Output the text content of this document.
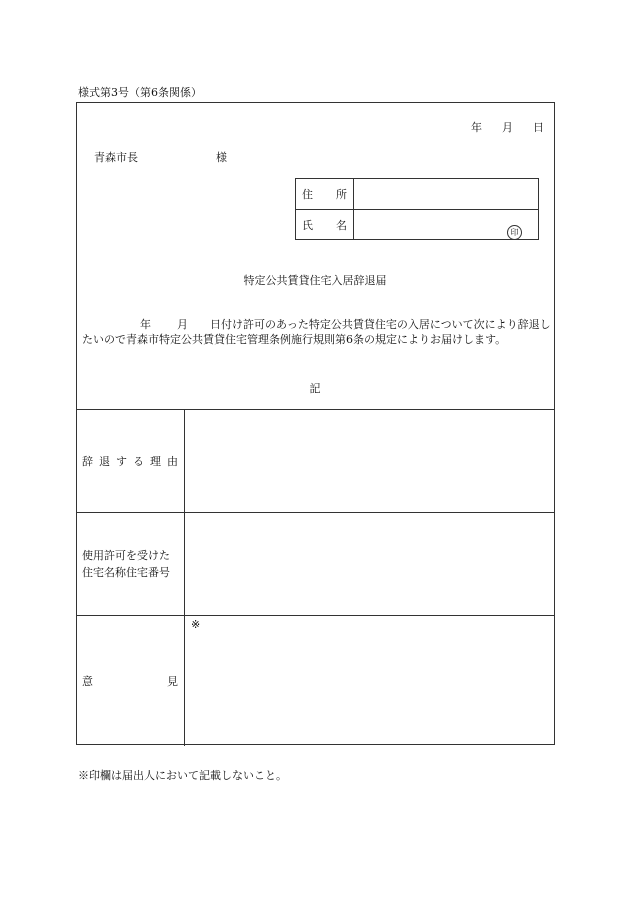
様式第3号（第6条関係）
年 月 日
青森市長	様
住 所
氏 名
印
特定公共賃貸住宅入居辞退届
年 月 日付け許可のあった特定公共賃貸住宅の入居について次により辞退したいので青森市特定公共賃貸住宅管理条例施行規則第6条の規定によりお届けします。
記
辞 退 す る 理 由
使用許可を受けた
住宅名称住宅番号
意	見
※
※印欄は届出人において記載しないこと。
